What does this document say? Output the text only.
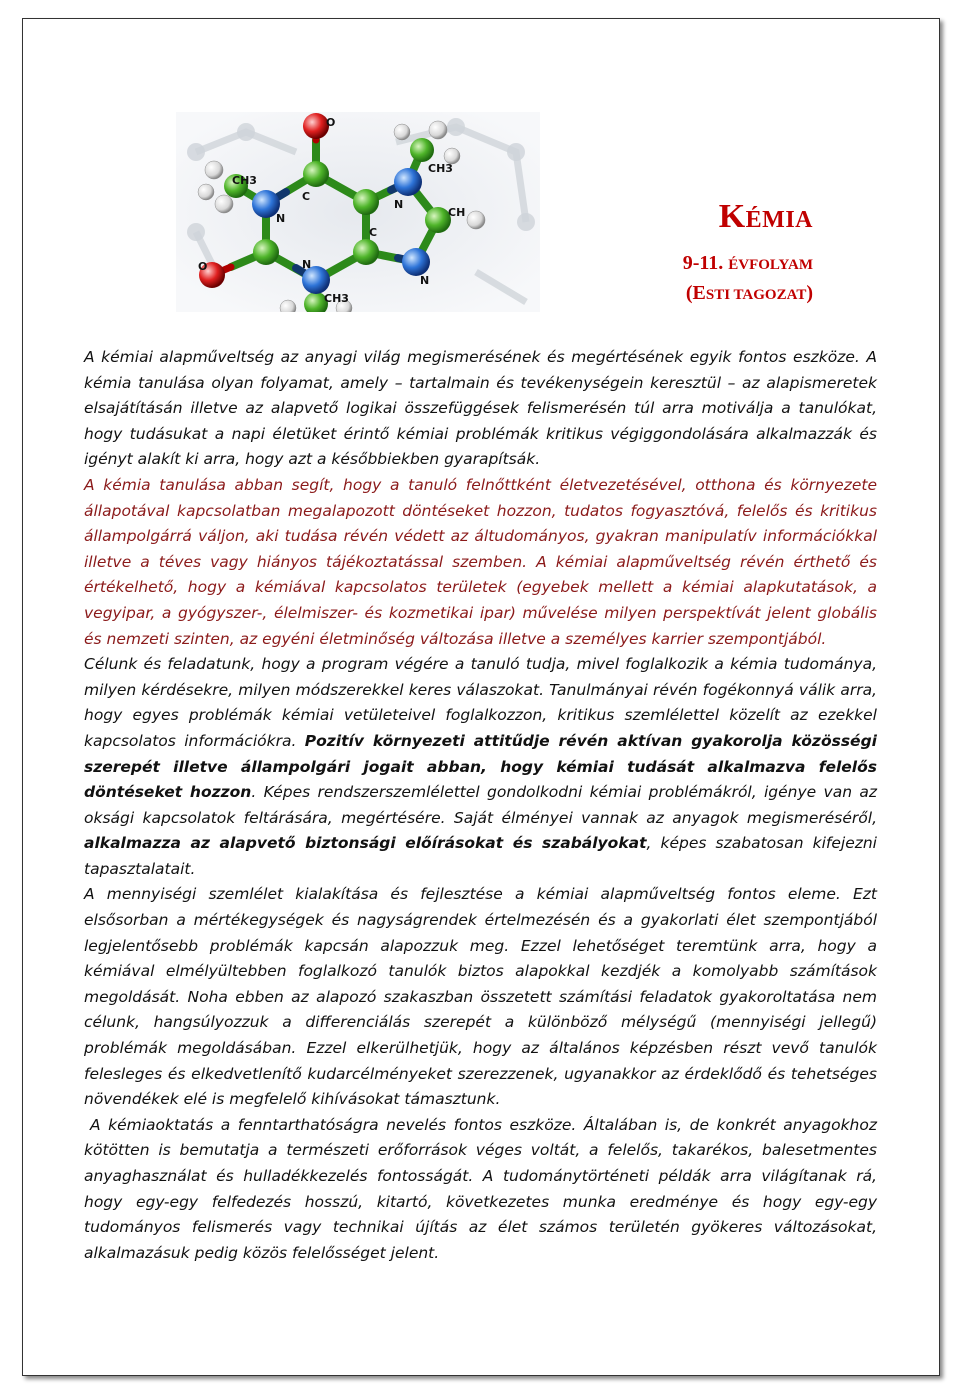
CH3
CH3
CH3
CH
N
N
N
N
C
C
O
O
KÉMIA
9-11. ÉVFOLYAM
(ESTI TAGOZAT)

A kémiai alapműveltség az anyagi világ megismerésének és megértésének egyik fontos eszköze. A kémia tanulása olyan folyamat, amely – tartalmain és tevékenységein keresztül – az alapismeretek elsajátításán illetve az alapvető logikai összefüggések felismerésén túl arra motiválja a tanulókat, hogy tudásukat a napi életüket érintő kémiai problémák kritikus végiggondolására alkalmazzák és igényt alakít ki arra, hogy azt a későbbiekben gyarapítsák.

A kémia tanulása abban segít, hogy a tanuló felnőttként életvezetésével, otthona és környezete állapotával kapcsolatban megalapozott döntéseket hozzon, tudatos fogyasztóvá, felelős és kritikus állampolgárrá váljon, aki tudása révén védett az áltudományos, gyakran manipulatív információkkal illetve a téves vagy hiányos tájékoztatással szemben. A kémiai alapműveltség révén érthető és értékelhető, hogy a kémiával kapcsolatos területek (egyebek mellett a kémiai alapkutatások, a vegyipar, a gyógyszer-, élelmiszer- és kozmetikai ipar) művelése milyen perspektívát jelent globális és nemzeti szinten, az egyéni életminőség változása illetve a személyes karrier szempontjából.

Célunk és feladatunk, hogy a program végére a tanuló tudja, mivel foglalkozik a kémia tudománya, milyen kérdésekre, milyen módszerekkel keres válaszokat. Tanulmányai révén fogékonnyá válik arra, hogy egyes problémák kémiai vetületeivel foglalkozzon, kritikus szemlélettel közelít az ezekkel kapcsolatos információkra. Pozitív környezeti attitűdje révén aktívan gyakorolja közösségi szerepét illetve állampolgári jogait abban, hogy kémiai tudását alkalmazva felelős döntéseket hozzon. Képes rendszerszemlélettel gondolkodni kémiai problémákról, igénye van az oksági kapcsolatok feltárására, megértésére. Saját élményei vannak az anyagok megismeréséről, alkalmazza az alapvető biztonsági előírásokat és szabályokat, képes szabatosan kifejezni tapasztalatait.

A mennyiségi szemlélet kialakítása és fejlesztése a kémiai alapműveltség fontos eleme. Ezt elsősorban a mértékegységek és nagyságrendek értelmezésén és a gyakorlati élet szempontjából legjelentősebb problémák kapcsán alapozzuk meg. Ezzel lehetőséget teremtünk arra, hogy a kémiával elmélyültebben foglalkozó tanulók biztos alapokkal kezdjék a komolyabb számítások megoldását. Noha ebben az alapozó szakaszban összetett számítási feladatok gyakoroltatása nem célunk, hangsúlyozzuk a differenciálás szerepét a különböző mélységű (mennyiségi jellegű) problémák megoldásában. Ezzel elkerülhetjük, hogy az általános képzésben részt vevő tanulók felesleges és elkedvetlenítő kudarcélményeket szerezzenek, ugyanakkor az érdeklődő és tehetséges növendékek elé is megfelelő kihívásokat támasztunk.

A kémiaoktatás a fenntarthatóságra nevelés fontos eszköze. Általában is, de konkrét anyagokhoz kötötten is bemutatja a természeti erőforrások véges voltát, a felelős, takarékos, balesetmentes anyaghasználat és hulladékkezelés fontosságát. A tudománytörténeti példák arra világítanak rá, hogy egy-egy felfedezés hosszú, kitartó, következetes munka eredménye és hogy egy-egy tudományos felismerés vagy technikai újítás az élet számos területén gyökeres változásokat, alkalmazásuk pedig közös felelősséget jelent.
